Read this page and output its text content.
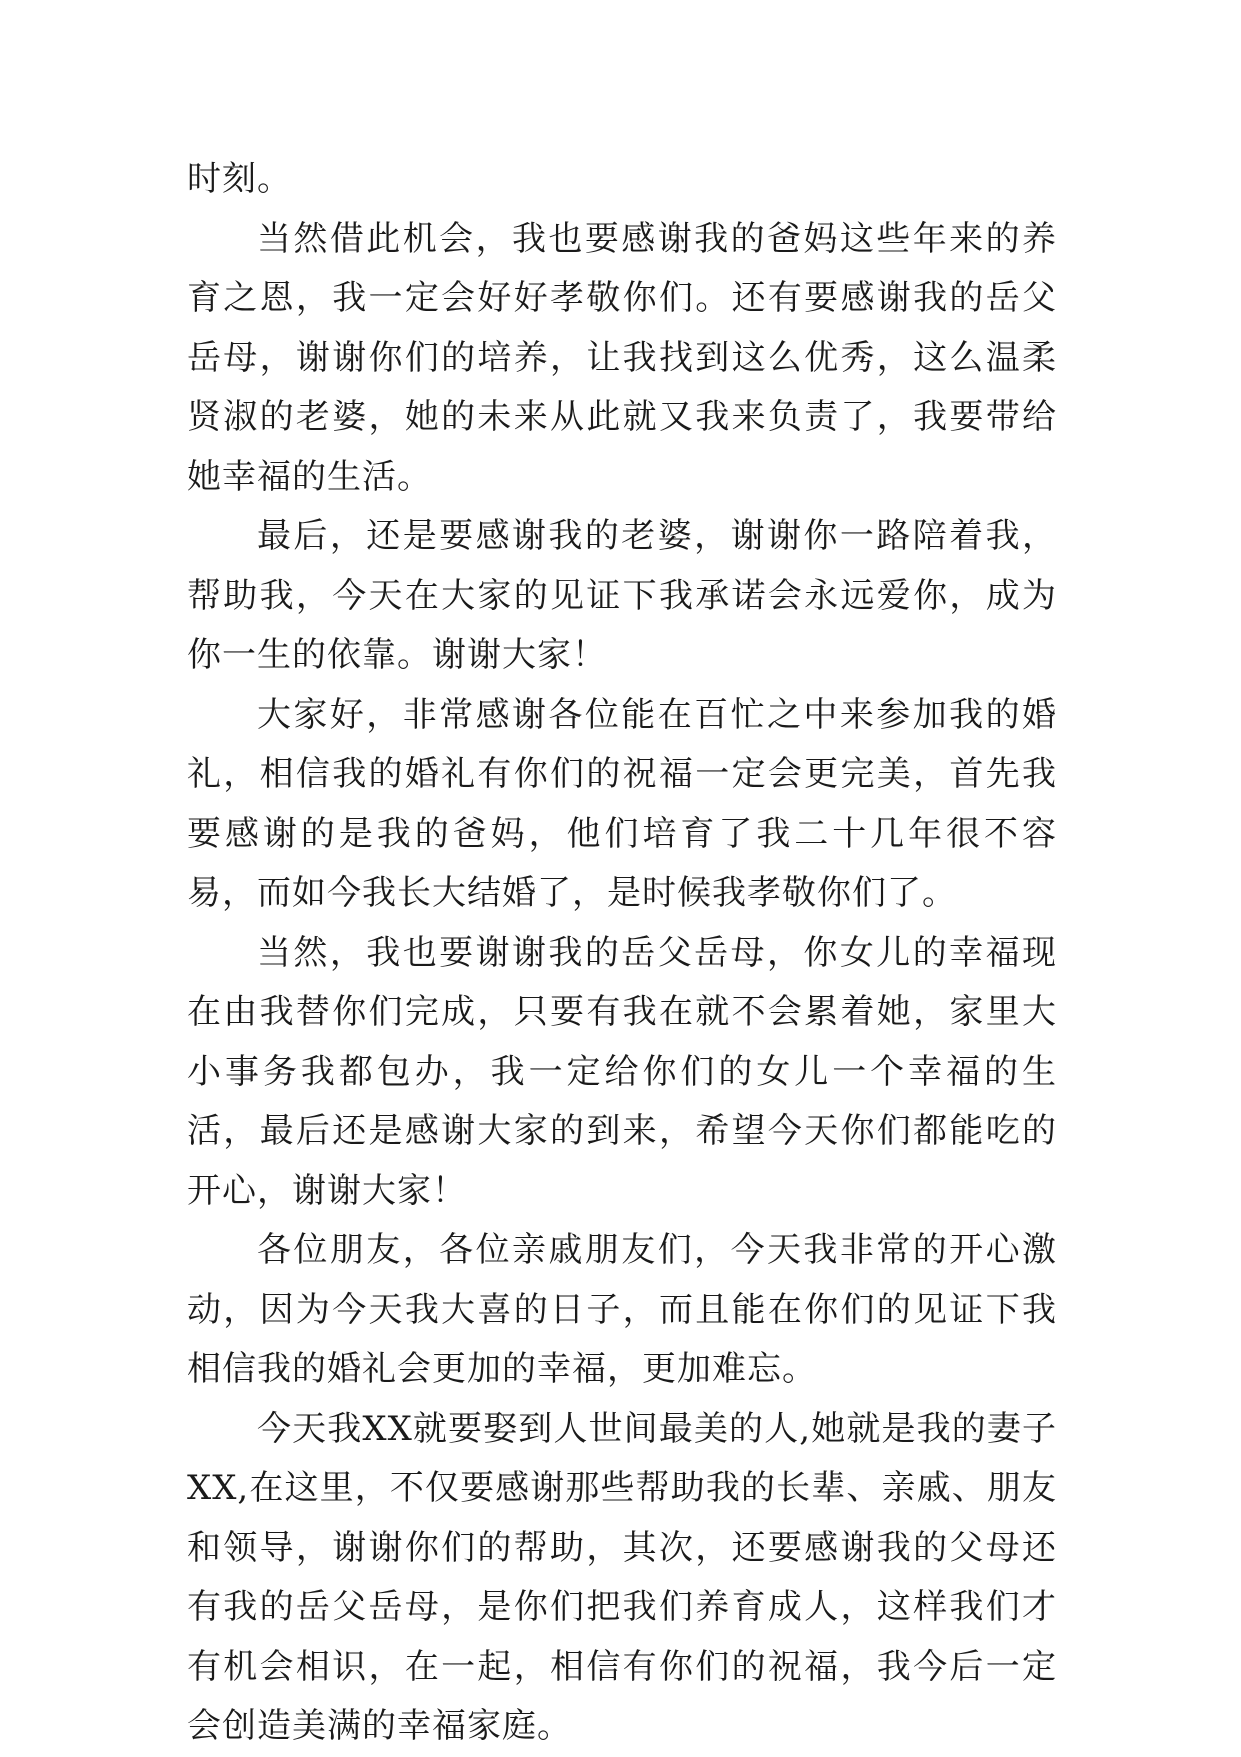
时刻。

当然借此机会，我也要感谢我的爸妈这些年来的养育之恩，我一定会好好孝敬你们。还有要感谢我的岳父岳母，谢谢你们的培养，让我找到这么优秀，这么温柔贤淑的老婆，她的未来从此就又我来负责了，我要带给她幸福的生活。

最后，还是要感谢我的老婆，谢谢你一路陪着我，帮助我，今天在大家的见证下我承诺会永远爱你，成为你一生的依靠。谢谢大家！

大家好，非常感谢各位能在百忙之中来参加我的婚礼，相信我的婚礼有你们的祝福一定会更完美，首先我要感谢的是我的爸妈，他们培育了我二十几年很不容易，而如今我长大结婚了，是时候我孝敬你们了。

当然，我也要谢谢我的岳父岳母，你女儿的幸福现在由我替你们完成，只要有我在就不会累着她，家里大小事务我都包办，我一定给你们的女儿一个幸福的生活，最后还是感谢大家的到来，希望今天你们都能吃的开心，谢谢大家！

各位朋友，各位亲戚朋友们，今天我非常的开心激动，因为今天我大喜的日子，而且能在你们的见证下我相信我的婚礼会更加的幸福，更加难忘。

今天我XX就要娶到人世间最美的人,她就是我的妻子XX,在这里，不仅要感谢那些帮助我的长辈、亲戚、朋友和领导，谢谢你们的帮助，其次，还要感谢我的父母还有我的岳父岳母，是你们把我们养育成人，这样我们才有机会相识，在一起，相信有你们的祝福，我今后一定会创造美满的幸福家庭。
